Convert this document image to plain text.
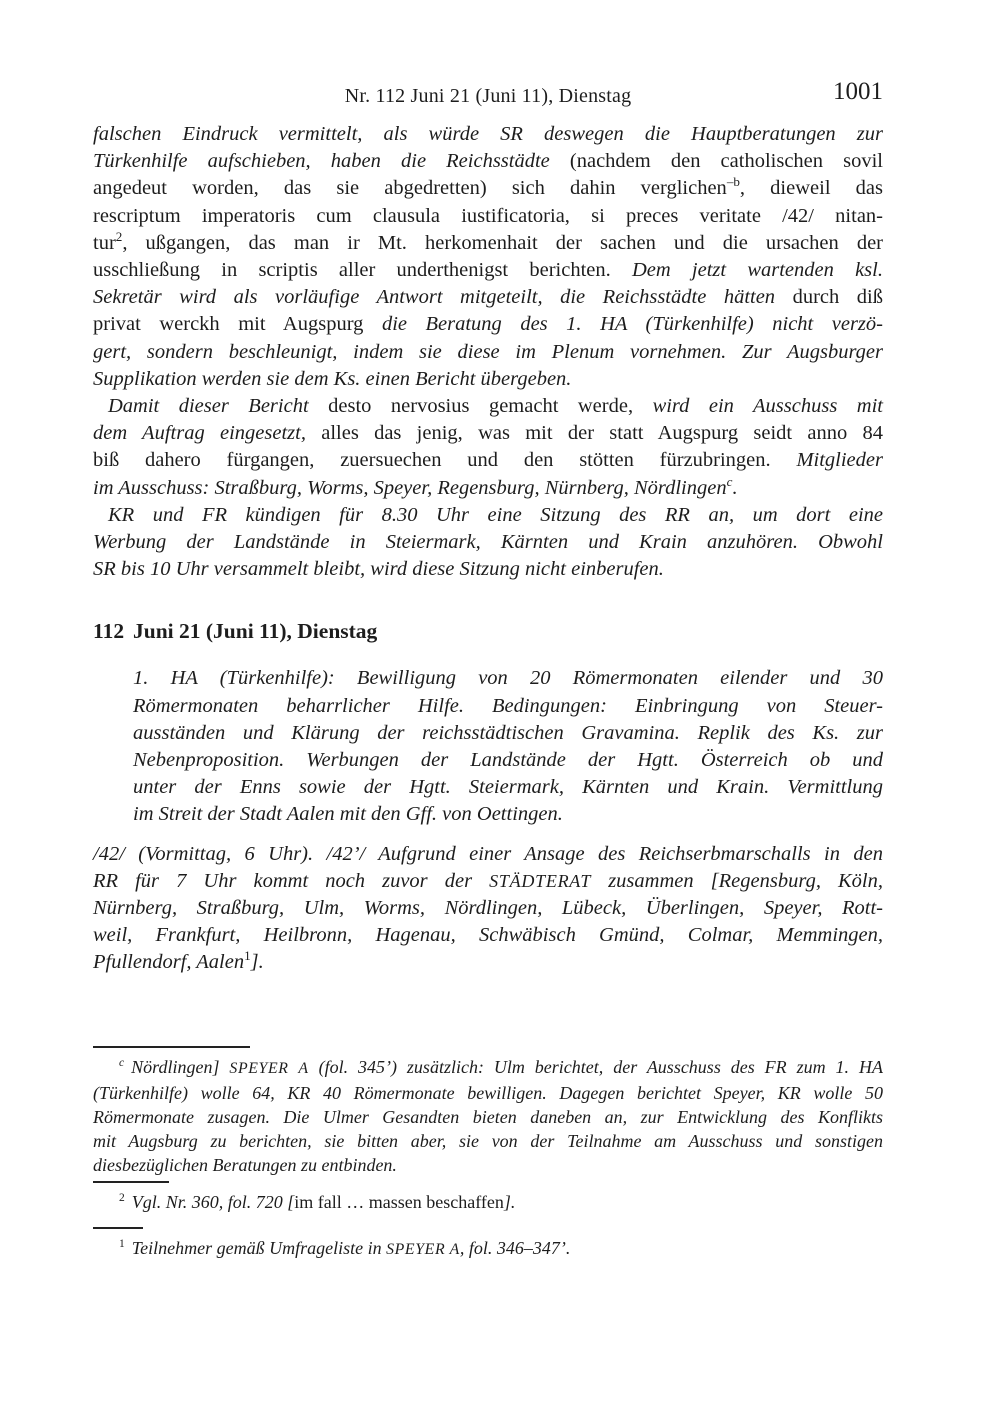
Nr. 112 Juni 21 (Juni 11), Dienstag	1001
falschen Eindruck vermittelt, als würde SR deswegen die Hauptberatungen zur
Türkenhilfe aufschieben, haben die Reichsstädte (nachdem den catholischen sovil
angedeut worden, das sie abgedretten) sich dahin verglichen$^{-b}$, dieweil das
rescriptum imperatoris cum clausula iustificatoria, si preces veritate /42/ nitan-
tur$^2$, ußgangen, das man ir Mt. herkomenhait der sachen und die ursachen der
usschließung in scriptis aller underthenigst berichten. Dem jetzt wartenden ksl.
Sekretär wird als vorläufige Antwort mitgeteilt, die Reichsstädte hätten durch diß
privat werckh mit Augspurg die Beratung des 1. HA (Türkenhilfe) nicht verzö-
gert, sondern beschleunigt, indem sie diese im Plenum vornehmen. Zur Augsburger
Supplikation werden sie dem Ks. einen Bericht übergeben.
Damit dieser Bericht desto nervosius gemacht werde, wird ein Ausschuss mit
dem Auftrag eingesetzt, alles das jenig, was mit der statt Augspurg seidt anno 84
biß dahero fürgangen, zuersuechen und den stötten fürzubringen. Mitglieder
im Ausschuss: Straßburg, Worms, Speyer, Regensburg, Nürnberg, Nördlingen$^c$.
KR und FR kündigen für 8.30 Uhr eine Sitzung des RR an, um dort eine
Werbung der Landstände in Steiermark, Kärnten und Krain anzuhören. Obwohl
SR bis 10 Uhr versammelt bleibt, wird diese Sitzung nicht einberufen.
112 Juni 21 (Juni 11), Dienstag
1. HA (Türkenhilfe): Bewilligung von 20 Römermonaten eilender und 30
Römermonaten beharrlicher Hilfe. Bedingungen: Einbringung von Steuer-
ausständen und Klärung der reichsstädtischen Gravamina. Replik des Ks. zur
Nebenproposition. Werbungen der Landstände der Hgtt. Österreich ob und
unter der Enns sowie der Hgtt. Steiermark, Kärnten und Krain. Vermittlung
im Streit der Stadt Aalen mit den Gff. von Oettingen.
/42/ (Vormittag, 6 Uhr). /42’/ Aufgrund einer Ansage des Reichserbmarschalls in den
RR für 7 Uhr kommt noch zuvor der STÄDTERAT zusammen [Regensburg, Köln,
Nürnberg, Straßburg, Ulm, Worms, Nördlingen, Lübeck, Überlingen, Speyer, Rott-
weil, Frankfurt, Heilbronn, Hagenau, Schwäbisch Gmünd, Colmar, Memmingen,
Pfullendorf, Aalen$^1$].
$^c$ Nördlingen] SPEYER A (fol. 345’) zusätzlich: Ulm berichtet, der Ausschuss des FR zum 1. HA
(Türkenhilfe) wolle 64, KR 40 Römermonate bewilligen. Dagegen berichtet Speyer, KR wolle 50
Römermonate zusagen. Die Ulmer Gesandten bieten daneben an, zur Entwicklung des Konflikts
mit Augsburg zu berichten, sie bitten aber, sie von der Teilnahme am Ausschuss und sonstigen
diesbezüglichen Beratungen zu entbinden.
$^2$ Vgl. Nr. 360, fol. 720 [im fall … massen beschaffen].
$^1$ Teilnehmer gemäß Umfrageliste in SPEYER A, fol. 346–347’.
